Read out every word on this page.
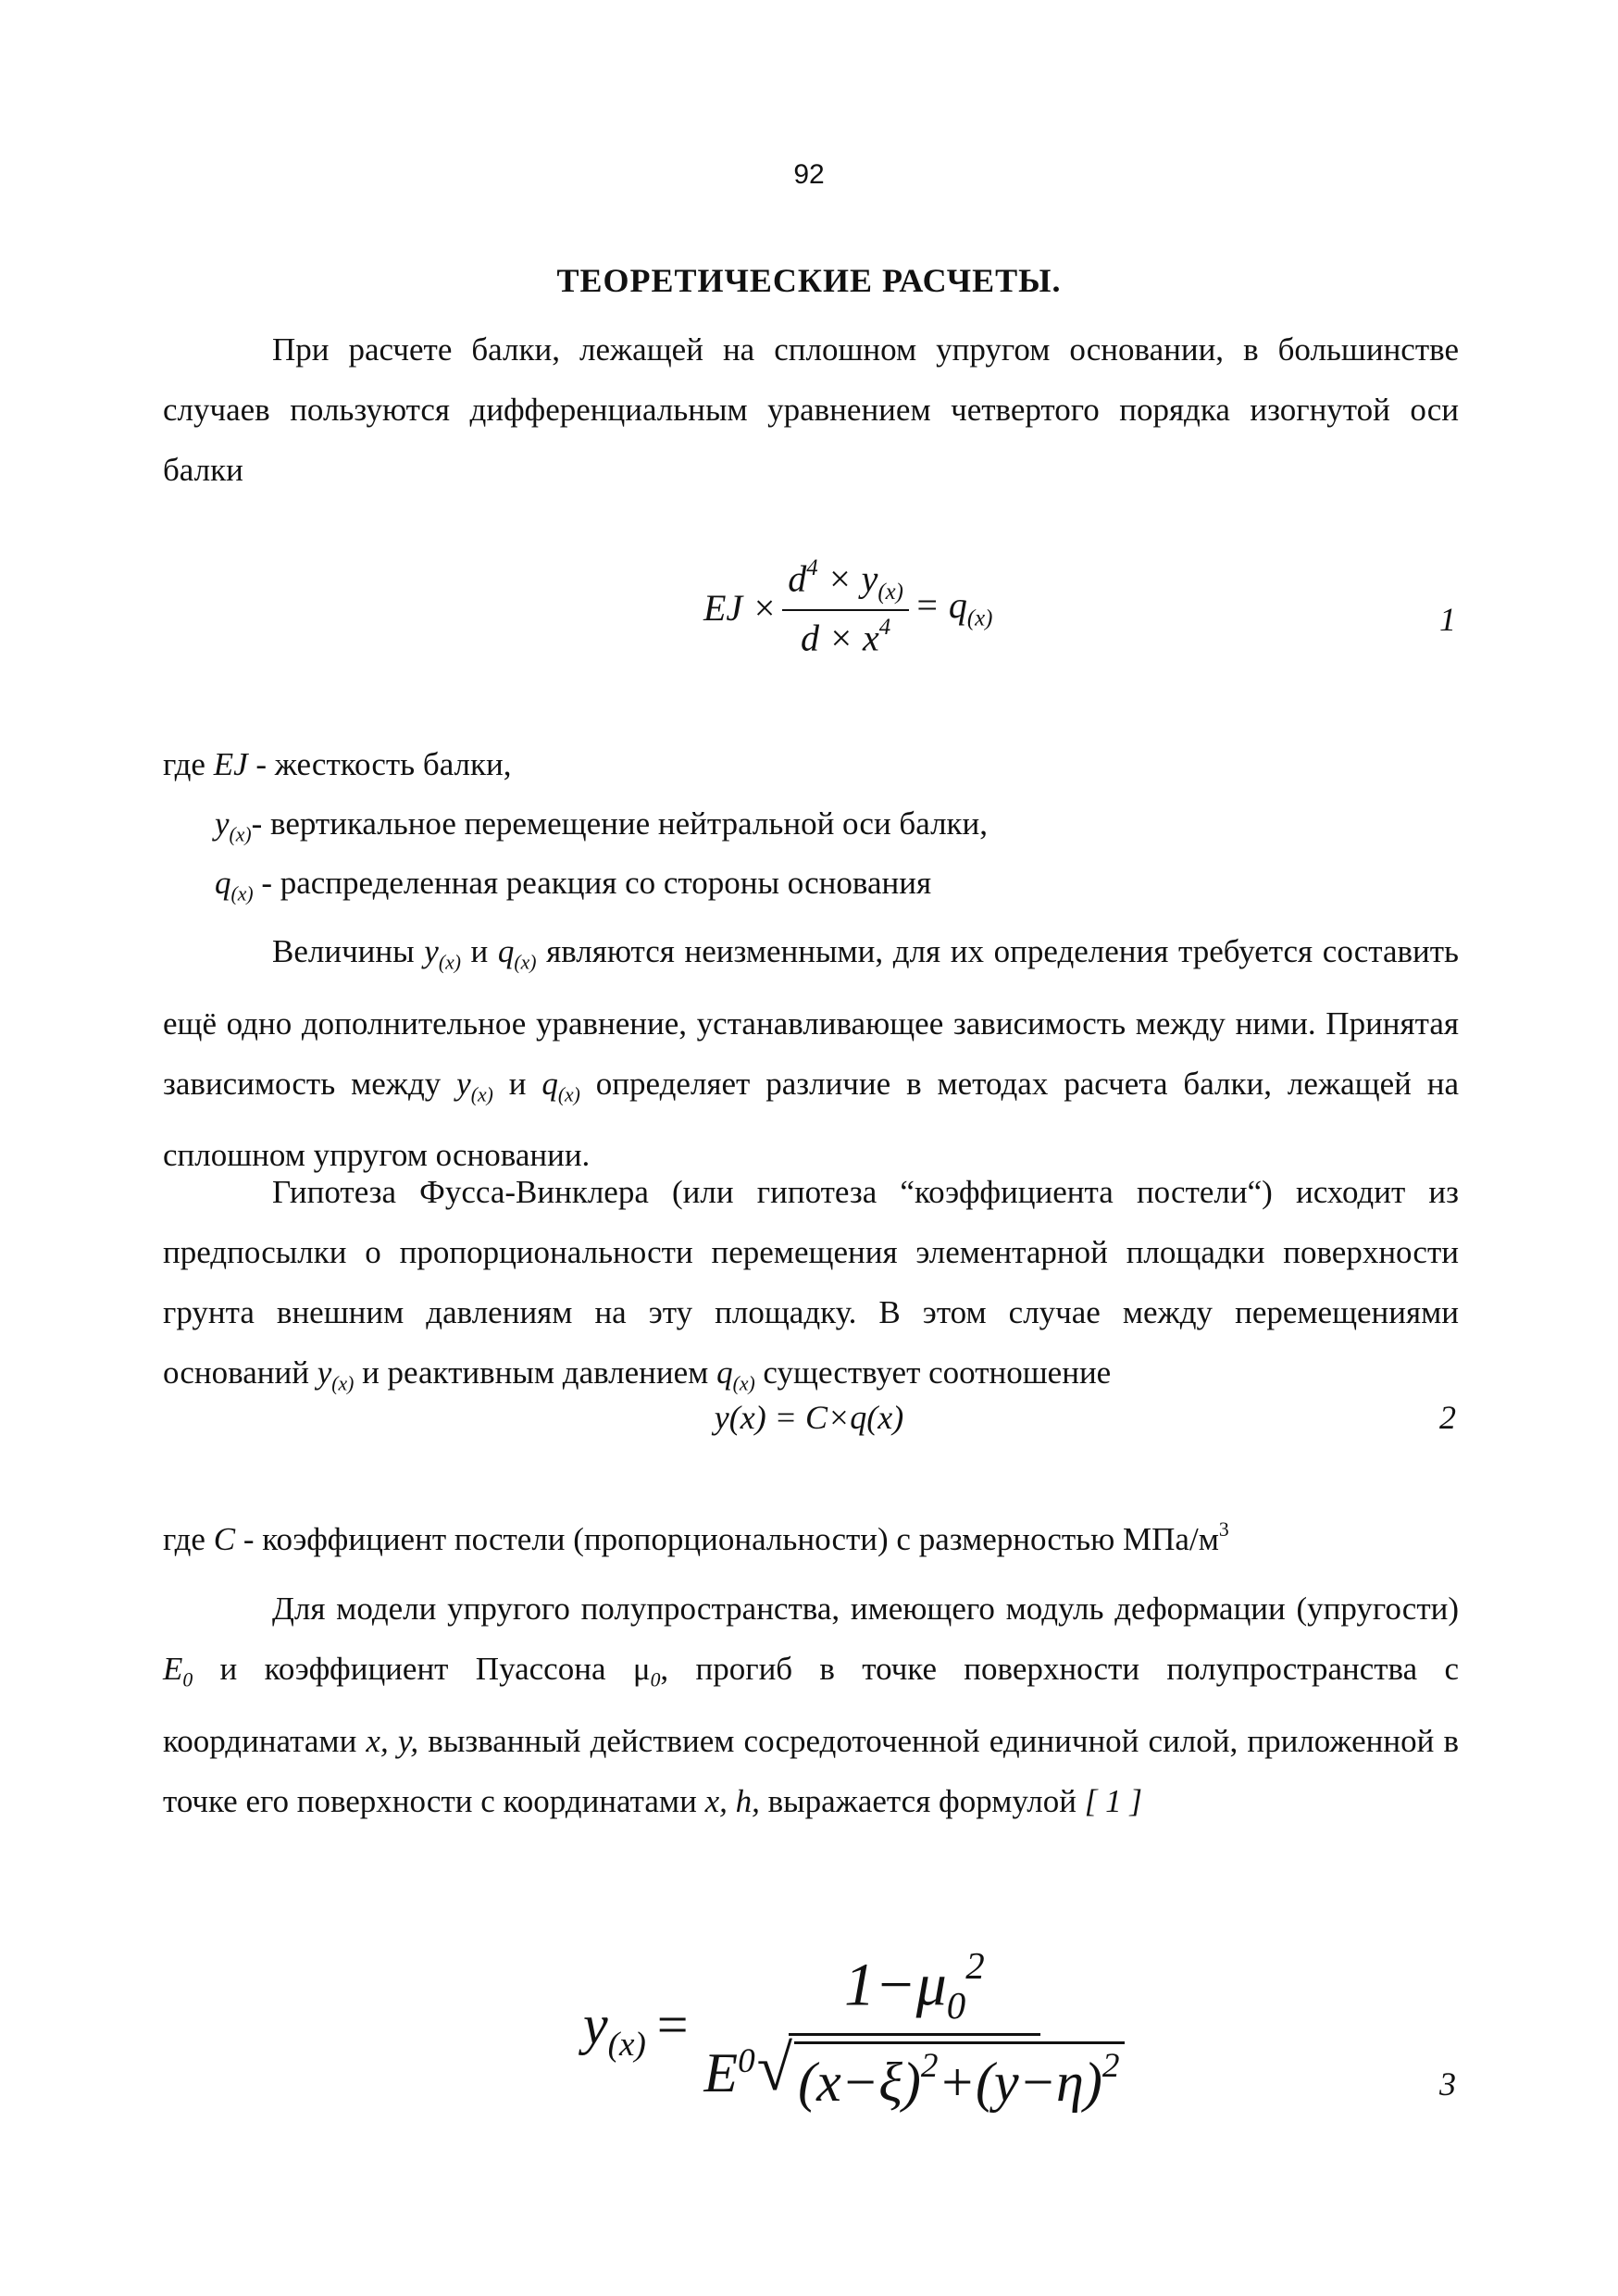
92
ТЕОРЕТИЧЕСКИЕ РАСЧЕТЫ.

При расчете балки, лежащей на сплошном упругом основании, в большинстве случаев пользуются дифференциальным уравнением четвертого порядка изогнутой оси балки

EJ × $\frac{d^4 \times y_{(x)}}{d \times x^4} = q_{(x)}$	1
где EJ - жесткость балки,
$y_{(x)}-$ вертикальное перемещение нейтральной оси балки,
$q_{(x)}$ - распределенная реакция со стороны основания

Величины $y_{(x)}$ и $q_{(x)}$ являются неизменными, для их определения требуется составить ещё одно дополнительное уравнение, устанавливающее зависимость между ними. Принятая зависимость между $y_{(x)}$ и $q_{(x)}$ определяет различие в методах расчета балки, лежащей на сплошном упругом основании.

Гипотеза Фусса-Винклера (или гипотеза “коэффициента постели“) исходит из предпосылки о пропорциональности перемещения элементарной площадки поверхности грунта внешним давлениям на эту площадку. В этом случае между перемещениями оснований $y_{(x)}$ и реактивным давлением $q_{(x)}$ существует соотношение

y(x) = C×q(x)	2
где C - коэффициент постели (пропорциональности) с размерностью МПа/$м^3$

Для модели упругого полупространства, имеющего модуль деформации (упругости) $E_0$ и коэффициент Пуассона $\mu_0$, прогиб в точке поверхности полупространства с координатами x, y, вызванный действием сосредоточенной единичной силой, приложенной в точке его поверхности с координатами x, h, выражается формулой [ 1 ]

$y_{(x)} = \frac{1-\mu_0^2}{E^0 √ (x-\xi)^2+(y-\eta)^2}$	3
